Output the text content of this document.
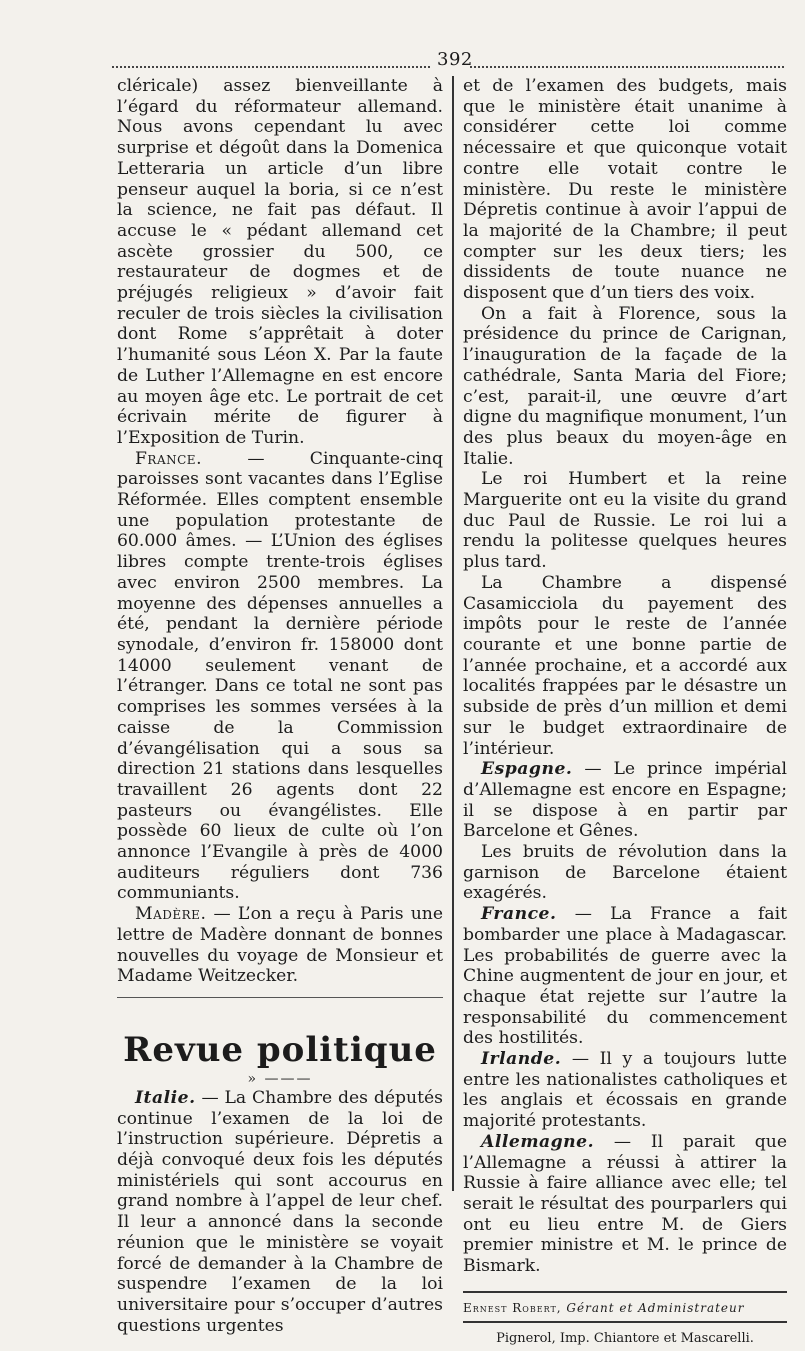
392

cléricale) assez bienveillante à l’égard du réformateur allemand. Nous avons cependant lu avec surprise et dégoût dans la Domenica Letteraria un article d’un libre penseur auquel la boria, si ce n’est la science, ne fait pas défaut. Il accuse le « pédant allemand cet ascète grossier du 500, ce restaurateur de dogmes et de préjugés religieux » d’avoir fait reculer de trois siècles la civilisation dont Rome s’apprêtait à doter l’humanité sous Léon X. Par la faute de Luther l’Allemagne en est encore au moyen âge etc. Le portrait de cet écrivain mérite de figurer à l’Exposition de Turin.

France. — Cinquante-cinq paroisses sont vacantes dans l’Eglise Réformée. Elles comptent ensemble une population protestante de 60.000 âmes. — L’Union des églises libres compte trente-trois églises avec environ 2500 membres. La moyenne des dépenses annuelles a été, pendant la dernière période synodale, d’environ fr. 158000 dont 14000 seulement venant de l’étranger. Dans ce total ne sont pas comprises les sommes versées à la caisse de la Commission d’évangélisation qui a sous sa direction 21 stations dans lesquelles travaillent 26 agents dont 22 pasteurs ou évangélistes. Elle possède 60 lieux de culte où l’on annonce l’Evangile à près de 4000 auditeurs réguliers dont 736 communiants.

Madère. — L’on a reçu à Paris une lettre de Madère donnant de bonnes nouvelles du voyage de Monsieur et Madame Weitzecker.

Revue politique
» ———

Italie. — La Chambre des députés continue l’examen de la loi de l’instruction supérieure. Dépretis a déjà convoqué deux fois les députés ministériels qui sont accourus en grand nombre à l’appel de leur chef. Il leur a annoncé dans la seconde réunion que le ministère se voyait forcé de demander à la Chambre de suspendre l’examen de la loi universitaire pour s’occuper d’autres questions urgentes

et de l’examen des budgets, mais que le ministère était unanime à considérer cette loi comme nécessaire et que quiconque votait contre elle votait contre le ministère. Du reste le ministère Dépretis continue à avoir l’appui de la majorité de la Chambre; il peut compter sur les deux tiers; les dissidents de toute nuance ne disposent que d’un tiers des voix.

On a fait à Florence, sous la présidence du prince de Carignan, l’inauguration de la façade de la cathédrale, Santa Maria del Fiore; c’est, parait-il, une œuvre d’art digne du magnifique monument, l’un des plus beaux du moyen-âge en Italie.

Le roi Humbert et la reine Marguerite ont eu la visite du grand duc Paul de Russie. Le roi lui a rendu la politesse quelques heures plus tard.

La Chambre a dispensé Casamicciola du payement des impôts pour le reste de l’année courante et une bonne partie de l’année prochaine, et a accordé aux localités frappées par le désastre un subside de près d’un million et demi sur le budget extraordinaire de l’intérieur.

Espagne. — Le prince impérial d’Allemagne est encore en Espagne; il se dispose à en partir par Barcelone et Gênes.

Les bruits de révolution dans la garnison de Barcelone étaient exagérés.

France. — La France a fait bombarder une place à Madagascar. Les probabilités de guerre avec la Chine augmentent de jour en jour, et chaque état rejette sur l’autre la responsabilité du commencement des hostilités.

Irlande. — Il y a toujours lutte entre les nationalistes catholiques et les anglais et écossais en grande majorité protestants.

Allemagne. — Il parait que l’Allemagne a réussi à attirer la Russie à faire alliance avec elle; tel serait le résultat des pourparlers qui ont eu lieu entre M. de Giers premier ministre et M. le prince de Bismark.

Ernest Robert, Gérant et Administrateur

Pignerol, Imp. Chiantore et Mascarelli.
